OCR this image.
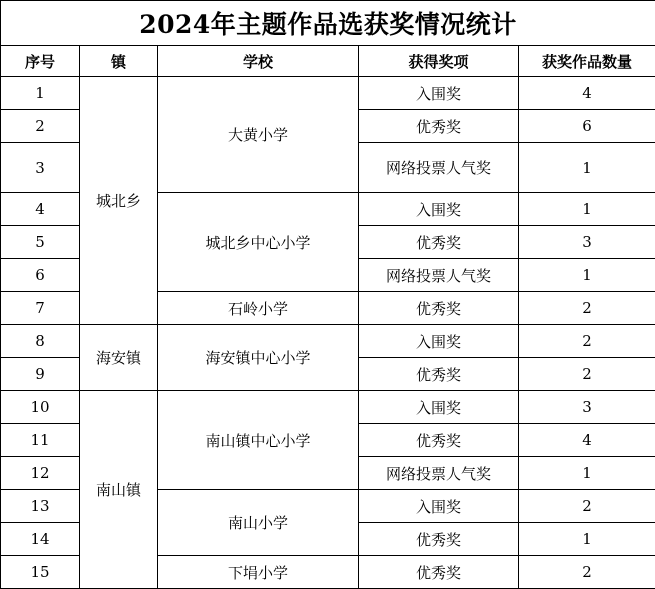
2024年主题作品选获奖情况统计				
序号	镇	学校	获得奖项	获奖作品数量
1	城北乡	大黄小学	入围奖	4
2			优秀奖	6
3			网络投票人气奖	1
4		城北乡中心小学	入围奖	1
5			优秀奖	3
6			网络投票人气奖	1
7		石岭小学	优秀奖	2
8	海安镇	海安镇中心小学	入围奖	2
9			优秀奖	2
10	南山镇	南山镇中心小学	入围奖	3
11			优秀奖	4
12			网络投票人气奖	1
13		南山小学	入围奖	2
14			优秀奖	1
15		下埍小学	优秀奖	2
